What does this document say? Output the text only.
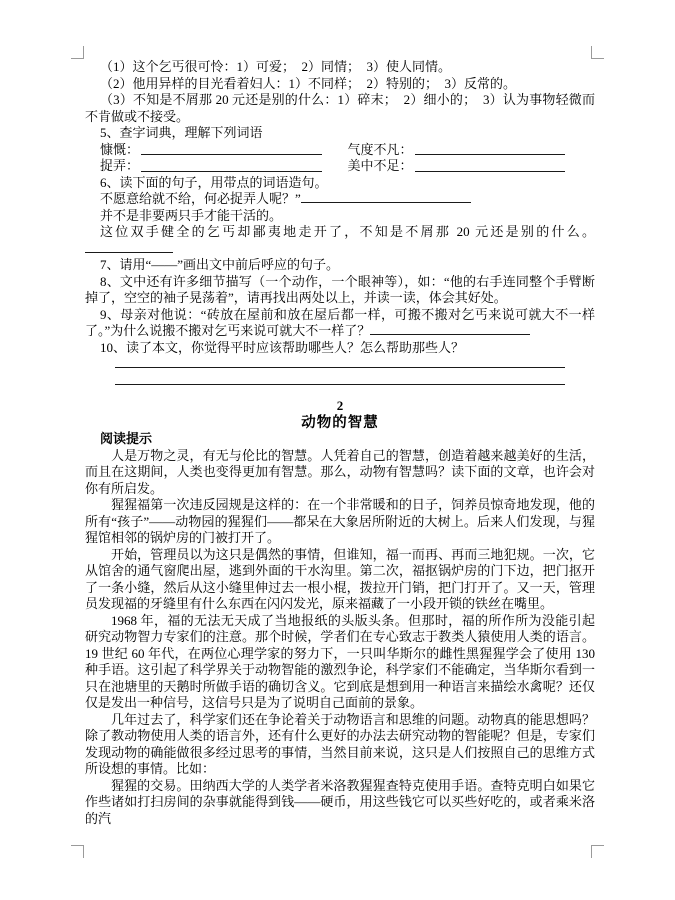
（1）这个乞丐很可怜：1）可爱；　2）同情；　3）使人同情。

（2）他用异样的目光看着妇人：1）不同样；　2）特别的；　3）反常的。

（3）不知是不屑那 20 元还是别的什么：1）碎末；　2）细小的；　3）认为事物轻微而不肯做或不接受。

5、查字词典，理解下列词语

慷慨：	气度不凡：
捉弄：	美中不足：

6、读下面的句子，用带点的词语造句。

不愿意给就不给，何必捉弄人呢？”

并不是非要两只手才能干活的。

这位双手健全的乞丐却鄙夷地走开了，不知是不屑那 20 元还是别的什么。

7、请用“——”画出文中前后呼应的句子。

8、文中还有许多细节描写（一个动作，一个眼神等），如：“他的右手连同整个手臂断掉了，空空的袖子晃荡着”，请再找出两处以上，并读一读，体会其好处。

9、母亲对他说：“砖放在屋前和放在屋后都一样，可搬不搬对乞丐来说可就大不一样了。”为什么说搬不搬对乞丐来说可就大不一样了？

10、读了本文，你觉得平时应该帮助哪些人？怎么帮助那些人？

2

动物的智慧

阅读提示

人是万物之灵，有无与伦比的智慧。人凭着自己的智慧，创造着越来越美好的生活，而且在这期间，人类也变得更加有智慧。那么，动物有智慧吗？读下面的文章，也许会对你有所启发。

猩猩福第一次违反园规是这样的：在一个非常暖和的日子，饲养员惊奇地发现，他的所有“孩子”——动物园的猩猩们——都呆在大象居所附近的大树上。后来人们发现，与猩猩馆相邻的锅炉房的门被打开了。

开始，管理员以为这只是偶然的事情，但谁知，福一而再、再而三地犯规。一次，它从馆舍的通气窗爬出屋，逃到外面的干水沟里。第二次，福抠锅炉房的门下边，把门抠开了一条小缝，然后从这小缝里伸过去一根小棍，拨拉开门销，把门打开了。又一天，管理员发现福的牙缝里有什么东西在闪闪发光，原来福藏了一小段开锁的铁丝在嘴里。

1968 年，福的无法无天成了当地报纸的头版头条。但那时，福的所作所为没能引起研究动物智力专家们的注意。那个时候，学者们在专心致志于教类人猿使用人类的语言。19 世纪 60 年代，在两位心理学家的努力下，一只叫华斯尔的雌性黑猩猩学会了使用 130 种手语。这引起了科学界关于动物智能的激烈争论，科学家们不能确定，当华斯尔看到一只在池塘里的天鹅时所做手语的确切含义。它到底是想到用一种语言来描绘水禽呢？还仅仅是发出一种信号，这信号只是为了说明自己面前的景象。

几年过去了，科学家们还在争论着关于动物语言和思维的问题。动物真的能思想吗？除了教动物使用人类的语言外，还有什么更好的办法去研究动物的智能呢？但是，专家们发现动物的确能做很多经过思考的事情，当然目前来说，这只是人们按照自己的思维方式所设想的事情。比如：

猩猩的交易。田纳西大学的人类学者米洛教猩猩查特克使用手语。查特克明白如果它作些诸如打扫房间的杂事就能得到钱——硬币，用这些钱它可以买些好吃的，或者乘米洛的汽
